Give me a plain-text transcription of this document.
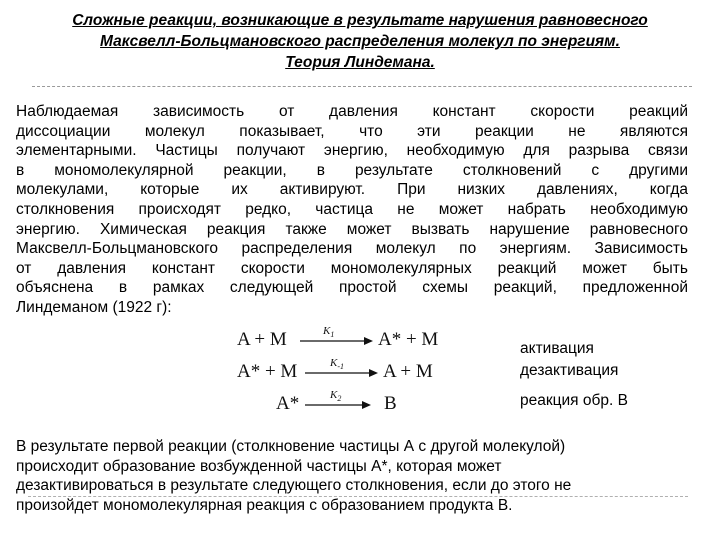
Сложные реакции, возникающие в результате нарушения равновесного
Максвелл-Больцмановского распределения молекул по энергиям.
Теория Линдемана.
Наблюдаемая зависимость от давления констант скорости реакций
диссоциации молекул показывает, что эти реакции не являются
элементарными. Частицы получают энергию, необходимую для разрыва связи
в мономолекулярной реакции, в результате столкновений с другими
молекулами, которые их активируют. При низких давлениях, когда
столкновения происходят редко, частица не может набрать необходимую
энергию. Химическая реакция также может вызвать нарушение равновесного
Максвелл-Больцмановского распределения молекул по энергиям. Зависимость
от давления констант скорости мономолекулярных реакций может быть
объяснена в рамках следующей простой схемы реакций, предложенной
Линдеманом (1922 г):
A + M	$K_1$ A* + M	активация
A* + M	$K_{-1}$ A + M	дезактивация
A*	$K_2$ B	реакция обр. В
В результате первой реакции (столкновение частицы А с другой молекулой)
происходит образование возбужденной частицы А*, которая может
дезактивироваться в результате следующего столкновения, если до этого не
произойдет мономолекулярная реакция с образованием продукта В.
